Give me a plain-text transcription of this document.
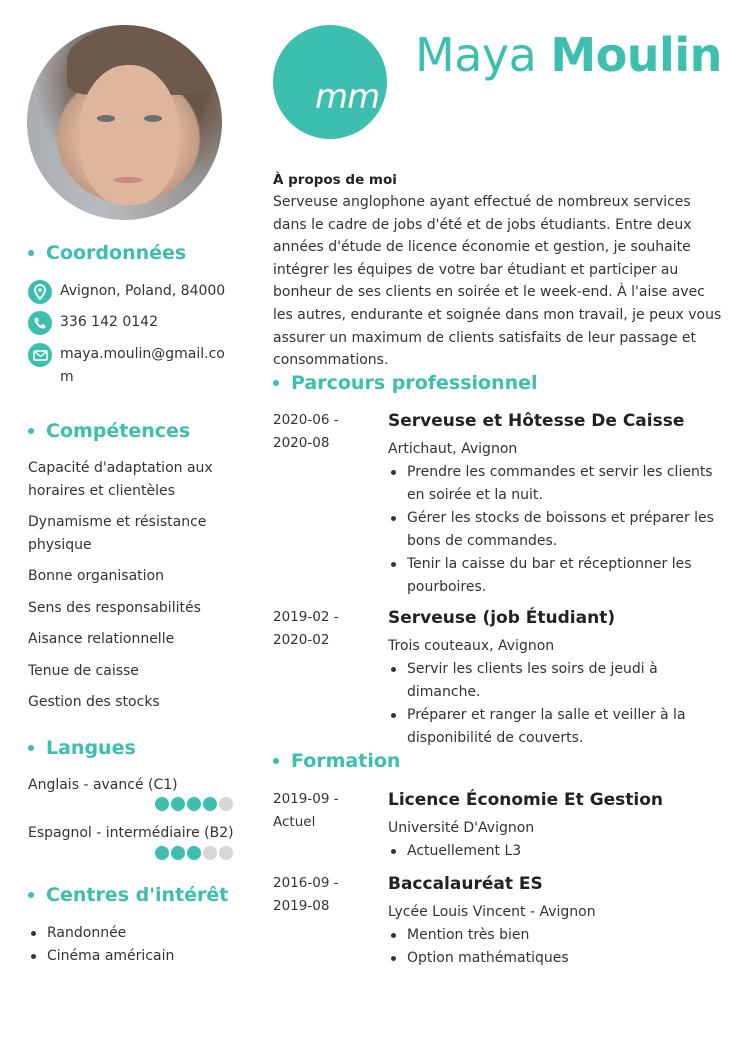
Coordonnées
Avignon, Poland, 84000
336 142 0142
maya.moulin@gmail.com
Compétences
Capacité d'adaptation aux horaires et clientèles
Dynamisme et résistance physique
Bonne organisation
Sens des responsabilités
Aisance relationnelle
Tenue de caisse
Gestion des stocks
Langues
Anglais - avancé (C1)
Espagnol - intermédiaire (B2)
Centres d'intérêt
Randonnée
Cinéma américain
mm
Maya Moulin
À propos de moi
Serveuse anglophone ayant effectué de nombreux services dans le cadre de jobs d'été et de jobs étudiants. Entre deux années d'étude de licence économie et gestion, je souhaite intégrer les équipes de votre bar étudiant et participer au bonheur de ses clients en soirée et le week-end. À l'aise avec les autres, endurante et soignée dans mon travail, je peux vous assurer un maximum de clients satisfaits de leur passage et consommations.
Parcours professionnel
2020-06 -
2020-08
Serveuse et Hôtesse De Caisse
Artichaut, Avignon
Prendre les commandes et servir les clients en soirée et la nuit.
Gérer les stocks de boissons et préparer les bons de commandes.
Tenir la caisse du bar et réceptionner les pourboires.
2019-02 -
2020-02
Serveuse (job Étudiant)
Trois couteaux, Avignon
Servir les clients les soirs de jeudi à dimanche.
Préparer et ranger la salle et veiller à la disponibilité de couverts.
Formation
2019-09 -
Actuel
Licence Économie Et Gestion
Université D'Avignon
Actuellement L3
2016-09 -
2019-08
Baccalauréat ES
Lycée Louis Vincent - Avignon
Mention très bien
Option mathématiques
